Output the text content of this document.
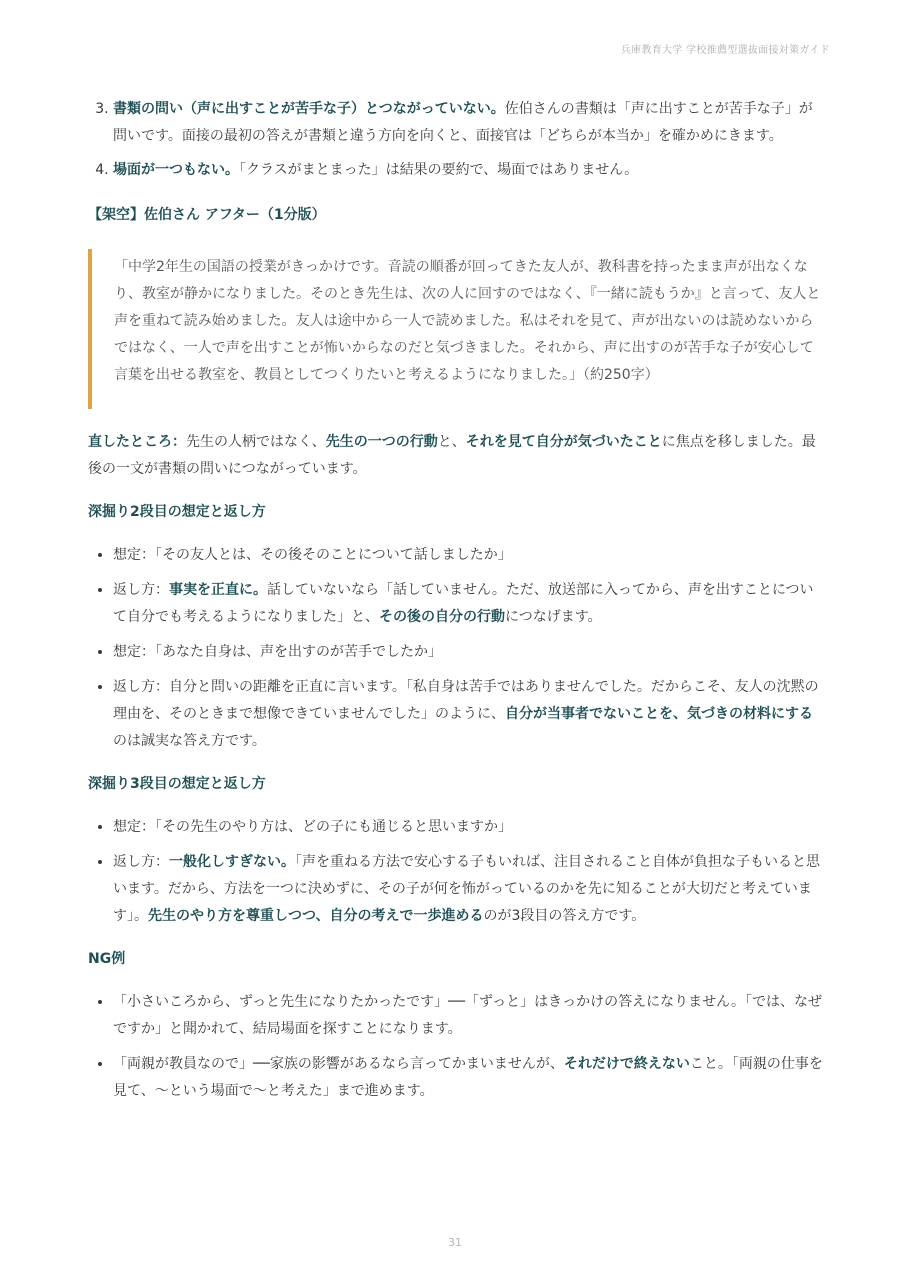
兵庫教育大学 学校推薦型選抜面接対策ガイド
3. 書類の問い（声に出すことが苦手な子）とつながっていない。佐伯さんの書類は「声に出すことが苦手な子」が問いです。面接の最初の答えが書類と違う方向を向くと、面接官は「どちらが本当か」を確かめにきます。
4. 場面が一つもない。「クラスがまとまった」は結果の要約で、場面ではありません。

【架空】佐伯さん アフター（1分版）

「中学2年生の国語の授業がきっかけです。音読の順番が回ってきた友人が、教科書を持ったまま声が出なくなり、教室が静かになりました。そのとき先生は、次の人に回すのではなく、『一緒に読もうか』と言って、友人と声を重ねて読み始めました。友人は途中から一人で読めました。私はそれを見て、声が出ないのは読めないからではなく、一人で声を出すことが怖いからなのだと気づきました。それから、声に出すのが苦手な子が安心して言葉を出せる教室を、教員としてつくりたいと考えるようになりました。」（約250字）

直したところ：先生の人柄ではなく、先生の一つの行動と、それを見て自分が気づいたことに焦点を移しました。最後の一文が書類の問いにつながっています。

深掘り2段目の想定と返し方

• 想定：「その友人とは、その後そのことについて話しましたか」
• 返し方：事実を正直に。話していないなら「話していません。ただ、放送部に入ってから、声を出すことについて自分でも考えるようになりました」と、その後の自分の行動につなげます。
• 想定：「あなた自身は、声を出すのが苦手でしたか」
• 返し方：自分と問いの距離を正直に言います。「私自身は苦手ではありませんでした。だからこそ、友人の沈黙の理由を、そのときまで想像できていませんでした」のように、自分が当事者でないことを、気づきの材料にするのは誠実な答え方です。

深掘り3段目の想定と返し方

• 想定：「その先生のやり方は、どの子にも通じると思いますか」
• 返し方：一般化しすぎない。「声を重ねる方法で安心する子もいれば、注目されること自体が負担な子もいると思います。だから、方法を一つに決めずに、その子が何を怖がっているのかを先に知ることが大切だと考えています」。先生のやり方を尊重しつつ、自分の考えで一歩進めるのが3段目の答え方です。

NG例

• 「小さいころから、ずっと先生になりたかったです」──「ずっと」はきっかけの答えになりません。「では、なぜですか」と聞かれて、結局場面を探すことになります。
• 「両親が教員なので」──家族の影響があるなら言ってかまいませんが、それだけで終えないこと。「両親の仕事を見て、〜という場面で〜と考えた」まで進めます。
31
